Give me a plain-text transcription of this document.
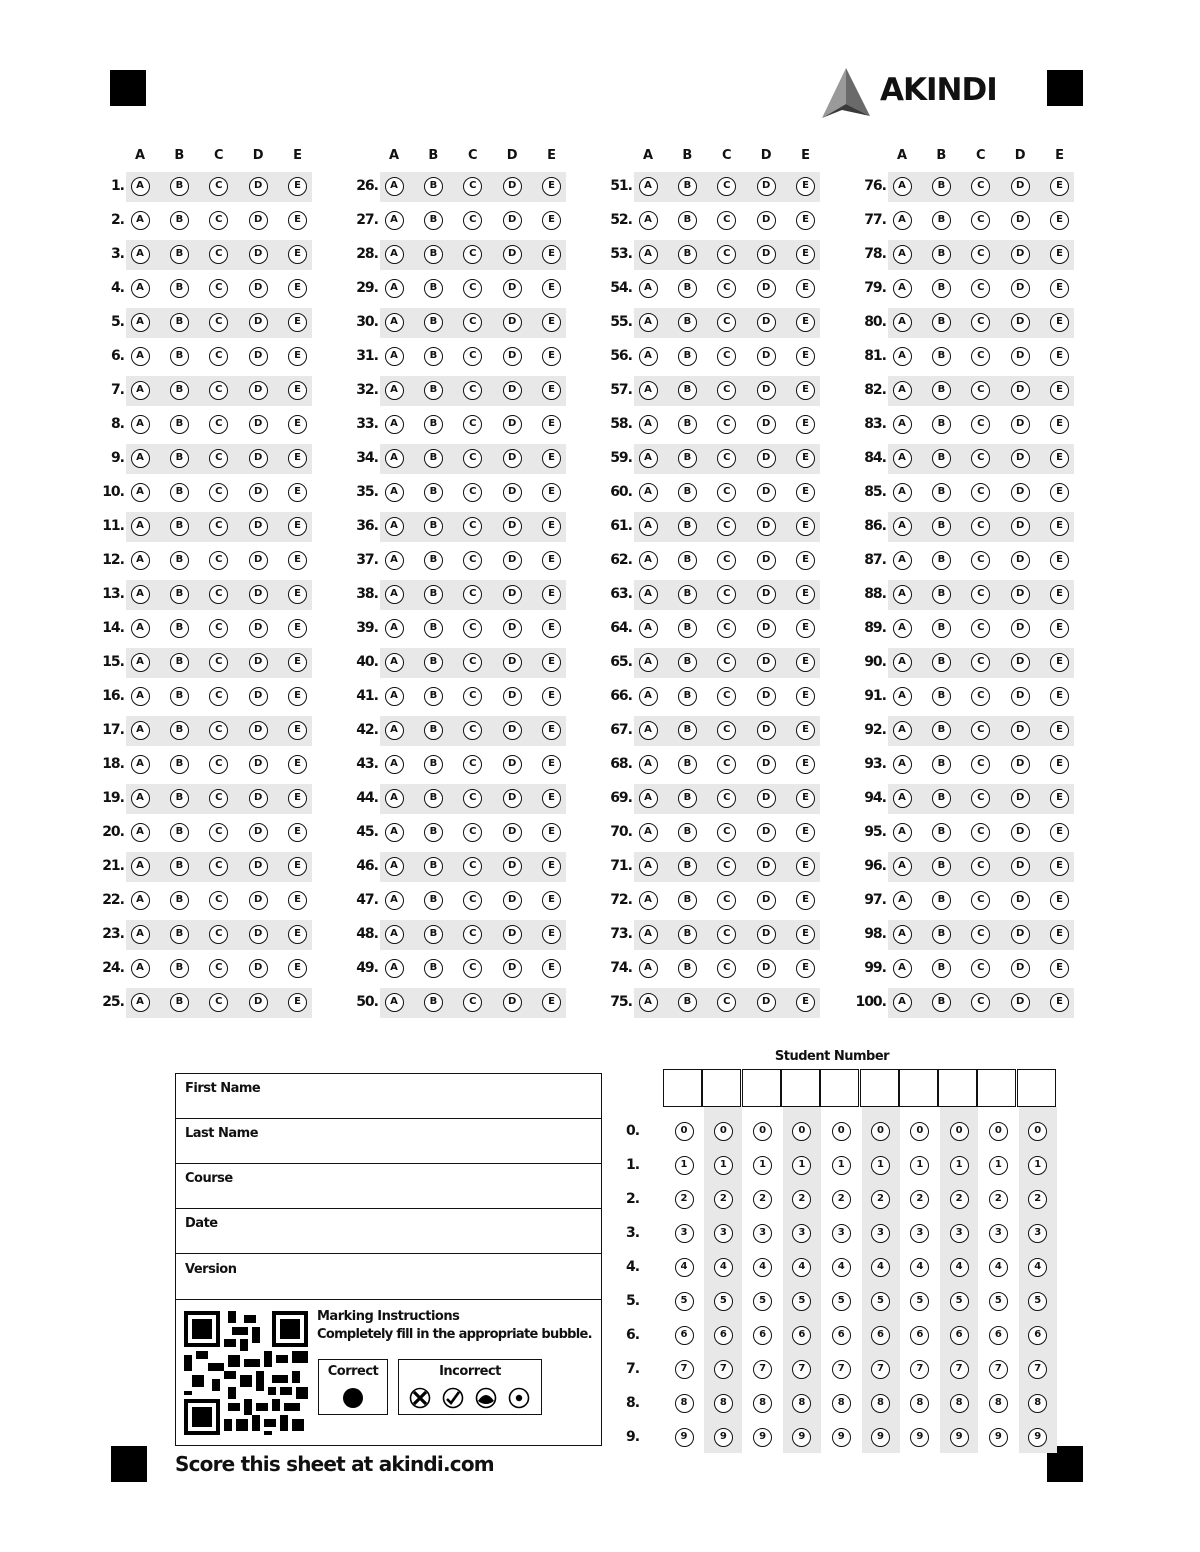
AKINDI
A	B	C	D	E
1.	A	B	C	D	E
2.	A	B	C	D	E
3.	A	B	C	D	E
4.	A	B	C	D	E
5.	A	B	C	D	E
6.	A	B	C	D	E
7.	A	B	C	D	E
8.	A	B	C	D	E
9.	A	B	C	D	E
10.	A	B	C	D	E
11.	A	B	C	D	E
12.	A	B	C	D	E
13.	A	B	C	D	E
14.	A	B	C	D	E
15.	A	B	C	D	E
16.	A	B	C	D	E
17.	A	B	C	D	E
18.	A	B	C	D	E
19.	A	B	C	D	E
20.	A	B	C	D	E
21.	A	B	C	D	E
22.	A	B	C	D	E
23.	A	B	C	D	E
24.	A	B	C	D	E
25.	A	B	C	D	E
A	B	C	D	E
26.	A	B	C	D	E
27.	A	B	C	D	E
28.	A	B	C	D	E
29.	A	B	C	D	E
30.	A	B	C	D	E
31.	A	B	C	D	E
32.	A	B	C	D	E
33.	A	B	C	D	E
34.	A	B	C	D	E
35.	A	B	C	D	E
36.	A	B	C	D	E
37.	A	B	C	D	E
38.	A	B	C	D	E
39.	A	B	C	D	E
40.	A	B	C	D	E
41.	A	B	C	D	E
42.	A	B	C	D	E
43.	A	B	C	D	E
44.	A	B	C	D	E
45.	A	B	C	D	E
46.	A	B	C	D	E
47.	A	B	C	D	E
48.	A	B	C	D	E
49.	A	B	C	D	E
50.	A	B	C	D	E
A	B	C	D	E
51.	A	B	C	D	E
52.	A	B	C	D	E
53.	A	B	C	D	E
54.	A	B	C	D	E
55.	A	B	C	D	E
56.	A	B	C	D	E
57.	A	B	C	D	E
58.	A	B	C	D	E
59.	A	B	C	D	E
60.	A	B	C	D	E
61.	A	B	C	D	E
62.	A	B	C	D	E
63.	A	B	C	D	E
64.	A	B	C	D	E
65.	A	B	C	D	E
66.	A	B	C	D	E
67.	A	B	C	D	E
68.	A	B	C	D	E
69.	A	B	C	D	E
70.	A	B	C	D	E
71.	A	B	C	D	E
72.	A	B	C	D	E
73.	A	B	C	D	E
74.	A	B	C	D	E
75.	A	B	C	D	E
A	B	C	D	E
76.	A	B	C	D	E
77.	A	B	C	D	E
78.	A	B	C	D	E
79.	A	B	C	D	E
80.	A	B	C	D	E
81.	A	B	C	D	E
82.	A	B	C	D	E
83.	A	B	C	D	E
84.	A	B	C	D	E
85.	A	B	C	D	E
86.	A	B	C	D	E
87.	A	B	C	D	E
88.	A	B	C	D	E
89.	A	B	C	D	E
90.	A	B	C	D	E
91.	A	B	C	D	E
92.	A	B	C	D	E
93.	A	B	C	D	E
94.	A	B	C	D	E
95.	A	B	C	D	E
96.	A	B	C	D	E
97.	A	B	C	D	E
98.	A	B	C	D	E
99.	A	B	C	D	E
100.	A	B	C	D	E
First Name
Last Name
Course
Date
Version
Marking Instructions
Completely fill in the appropriate bubble.
Correct	Incorrect
Score this sheet at akindi.com
Student Number
0.	0	0	0	0	0	0	0	0	0	0
1.	1	1	1	1	1	1	1	1	1	1
2.	2	2	2	2	2	2	2	2	2	2
3.	3	3	3	3	3	3	3	3	3	3
4.	4	4	4	4	4	4	4	4	4	4
5.	5	5	5	5	5	5	5	5	5	5
6.	6	6	6	6	6	6	6	6	6	6
7.	7	7	7	7	7	7	7	7	7	7
8.	8	8	8	8	8	8	8	8	8	8
9.	9	9	9	9	9	9	9	9	9	9
